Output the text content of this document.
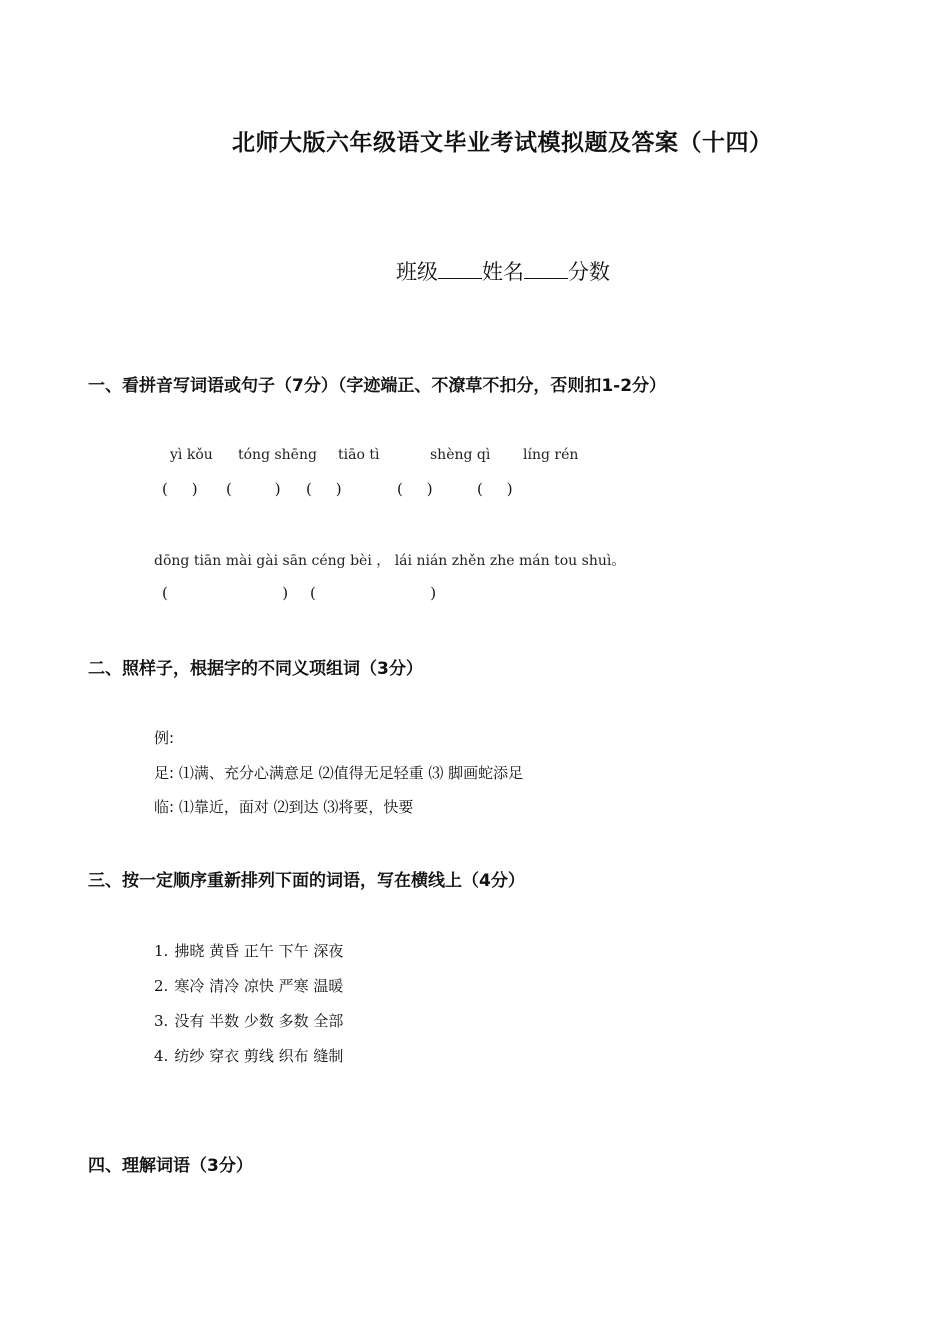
北师大版六年级语文毕业考试模拟题及答案（十四）
班级 姓名 分数
一、看拼音写词语或句子（7分）（字迹端正、不潦草不扣分，否则扣1-2分）
yì kǒu tóng shēng tiāo tì	shèng qì líng rén
(     ) (         ) (     )	(     )	(     )
dōng tiān mài gài sān céng bèi ， lái nián zhěn zhe mán tou shuì。
(                        ) (                        )
二、照样子，根据字的不同义项组词（3分）
例:
足: ⑴满、充分心满意足 ⑵值得无足轻重 ⑶ 脚画蛇添足
临: ⑴靠近，面对 ⑵到达 ⑶将要，快要
三、按一定顺序重新排列下面的词语，写在横线上（4分）
1. 拂晓 黄昏 正午 下午 深夜
2. 寒冷 清冷 凉快 严寒 温暖
3. 没有 半数 少数 多数 全部
4. 纺纱 穿衣 剪线 织布 缝制
四、理解词语（3分）
